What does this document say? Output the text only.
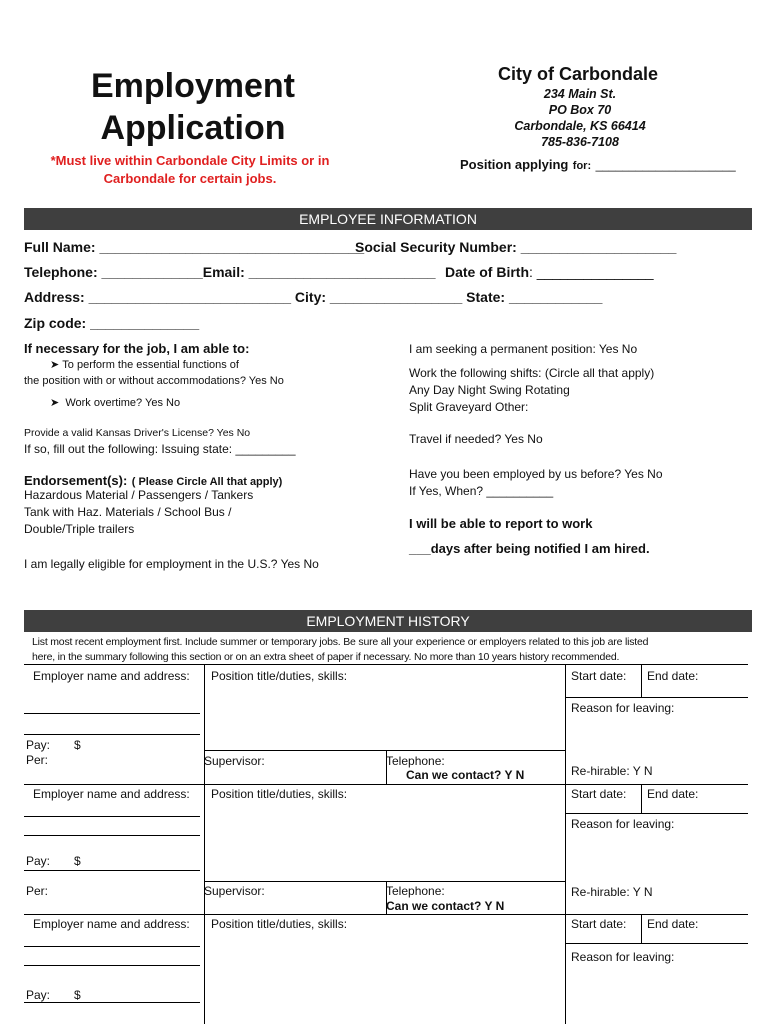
Employment
Application
*Must live within Carbondale City Limits or in
Carbondale for certain jobs.
City of Carbondale
234 Main St.
PO Box 70
Carbondale, KS 66414
785-836-7108
Position applying for: _____________________
EMPLOYEE INFORMATION
Full Name: __________________________________
Social Security Number: ____________________
Telephone: _____________Email: ________________________ Date of Birth: _______________
Address: __________________________ City: _________________ State: ____________
Zip code: ______________
If necessary for the job, I am able to:
➤ To perform the essential functions of
the position with or without accommodations? Yes No
➤ Work overtime? Yes No
Provide a valid Kansas Driver's License? Yes No
If so, fill out the following: Issuing state: _________
Endorsement(s): ( Please Circle All that apply)
Hazardous Material / Passengers / Tankers
Tank with Haz. Materials / School Bus /
Double/Triple trailers
I am legally eligible for employment in the U.S.? Yes No
I am seeking a permanent position: Yes No
Work the following shifts: (Circle all that apply)
Any Day Night Swing Rotating
Split Graveyard Other:
Travel if needed? Yes No
Have you been employed by us before? Yes No
If Yes, When? __________
I will be able to report to work
___days after being notified I am hired.
EMPLOYMENT HISTORY
List most recent employment first. Include summer or temporary jobs. Be sure all your experience or employers related to this job are listed
here, in the summary following this section or on an extra sheet of paper if necessary. No more than 10 years history recommended.
Employer name and address: Position title/duties, skills:	Start date: End date:
Reason for leaving:
Pay: $
Per:	Supervisor:	Telephone:
Can we contact? Y N	Re-hirable: Y N
Employer name and address: Position title/duties, skills:	Start date: End date:
Reason for leaving:
Pay: $
Per:	Supervisor:	Telephone:
Can we contact? Y N
Re-hirable: Y N
Employer name and address: Position title/duties, skills:	Start date: End date:
Reason for leaving:
Pay: $
